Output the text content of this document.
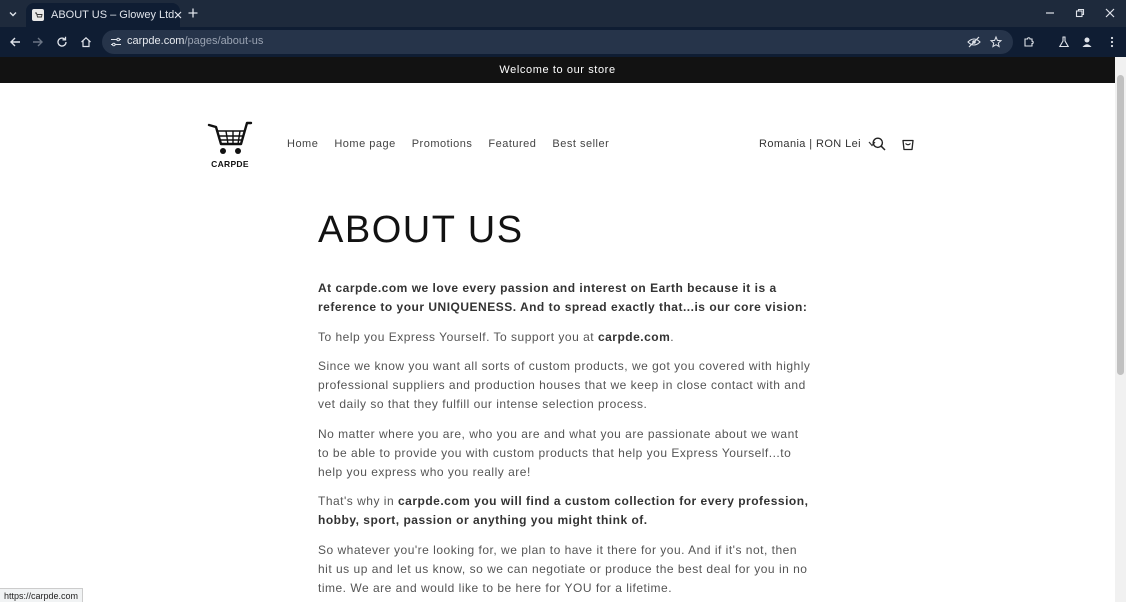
ABOUT US – Glowey Ltd
carpde.com/pages/about-us
Welcome to our store
CARPDE
Home	Home page	Promotions	Featured	Best seller	Romania | RON Lei
ABOUT US

At carpde.com we love every passion and interest on Earth because it is a reference to your UNIQUENESS. And to spread exactly that...is our core vision:

To help you Express Yourself. To support you at carpde.com.

Since we know you want all sorts of custom products, we got you covered with highly professional suppliers and production houses that we keep in close contact with and vet daily so that they fulfill our intense selection process.

No matter where you are, who you are and what you are passionate about we want to be able to provide you with custom products that help you Express Yourself...to help you express who you really are!

That's why in carpde.com you will find a custom collection for every profession, hobby, sport, passion or anything you might think of.

So whatever you're looking for, we plan to have it there for you. And if it's not, then hit us up and let us know, so we can negotiate or produce the best deal for you in no time. We are and would like to be here for YOU for a lifetime.

https://carpde.com
